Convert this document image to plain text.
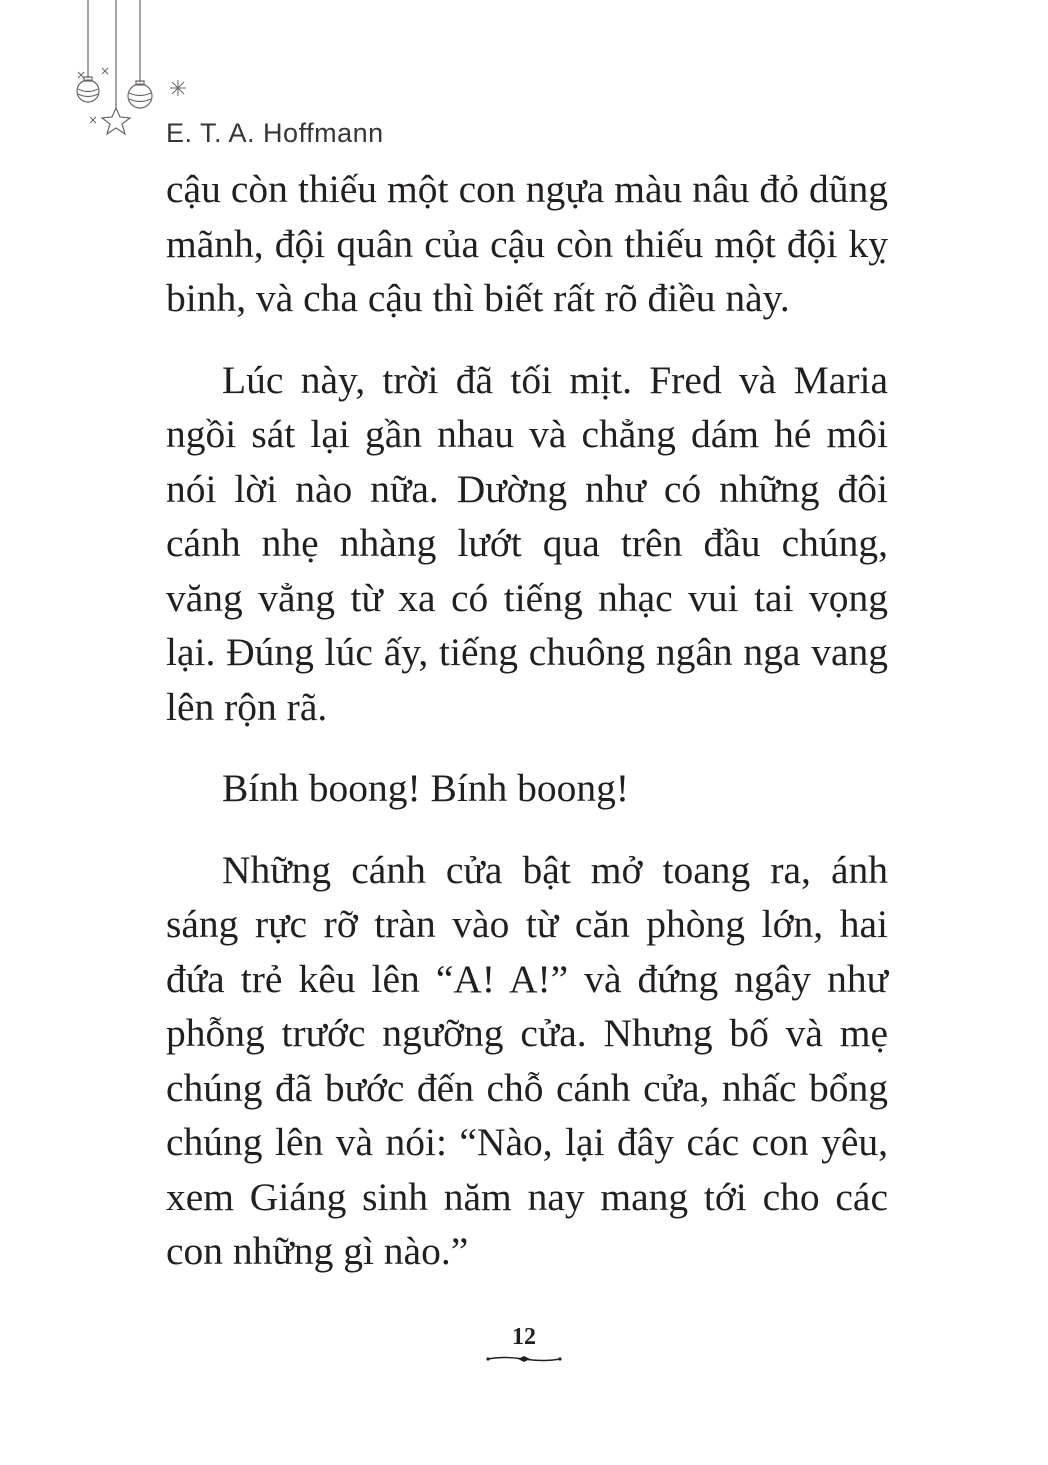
E. T. A. Hoffmann

cậu còn thiếu một con ngựa màu nâu đỏ dũng mãnh, đội quân của cậu còn thiếu một đội kỵ binh, và cha cậu thì biết rất rõ điều này.

Lúc này, trời đã tối mịt. Fred và Maria ngồi sát lại gần nhau và chẳng dám hé môi nói lời nào nữa. Dường như có những đôi cánh nhẹ nhàng lướt qua trên đầu chúng, văng vẳng từ xa có tiếng nhạc vui tai vọng lại. Đúng lúc ấy, tiếng chuông ngân nga vang lên rộn rã.

Bính boong! Bính boong!

Những cánh cửa bật mở toang ra, ánh sáng rực rỡ tràn vào từ căn phòng lớn, hai đứa trẻ kêu lên “A! A!” và đứng ngây như phỗng trước ngưỡng cửa. Nhưng bố và mẹ chúng đã bước đến chỗ cánh cửa, nhấc bổng chúng lên và nói: “Nào, lại đây các con yêu, xem Giáng sinh năm nay mang tới cho các con những gì nào.”

12
